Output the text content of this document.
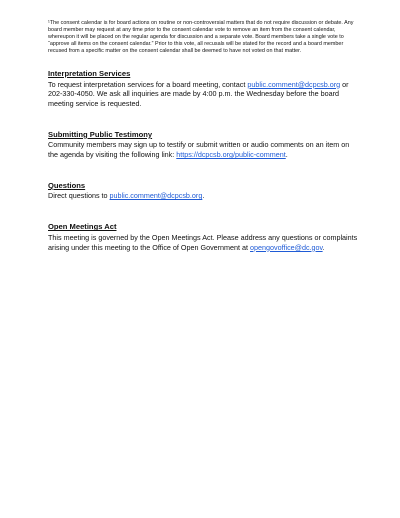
¹The consent calendar is for board actions on routine or non-controversial matters that do not require discussion or debate. Any board member may request at any time prior to the consent calendar vote to remove an item from the consent calendar, whereupon it will be placed on the regular agenda for discussion and a separate vote. Board members take a single vote to “approve all items on the consent calendar.” Prior to this vote, all recusals will be stated for the record and a board member recused from a specific matter on the consent calendar shall be deemed to have not voted on that matter.

Interpretation Services

To request interpretation services for a board meeting, contact public.comment@dcpcsb.org or 202-330-4050. We ask all inquiries are made by 4:00 p.m. the Wednesday before the board meeting service is requested.

Submitting Public Testimony

Community members may sign up to testify or submit written or audio comments on an item on the agenda by visiting the following link: https://dcpcsb.org/public-comment.

Questions

Direct questions to public.comment@dcpcsb.org.

Open Meetings Act

This meeting is governed by the Open Meetings Act. Please address any questions or complaints arising under this meeting to the Office of Open Government at opengovoffice@dc.gov.
